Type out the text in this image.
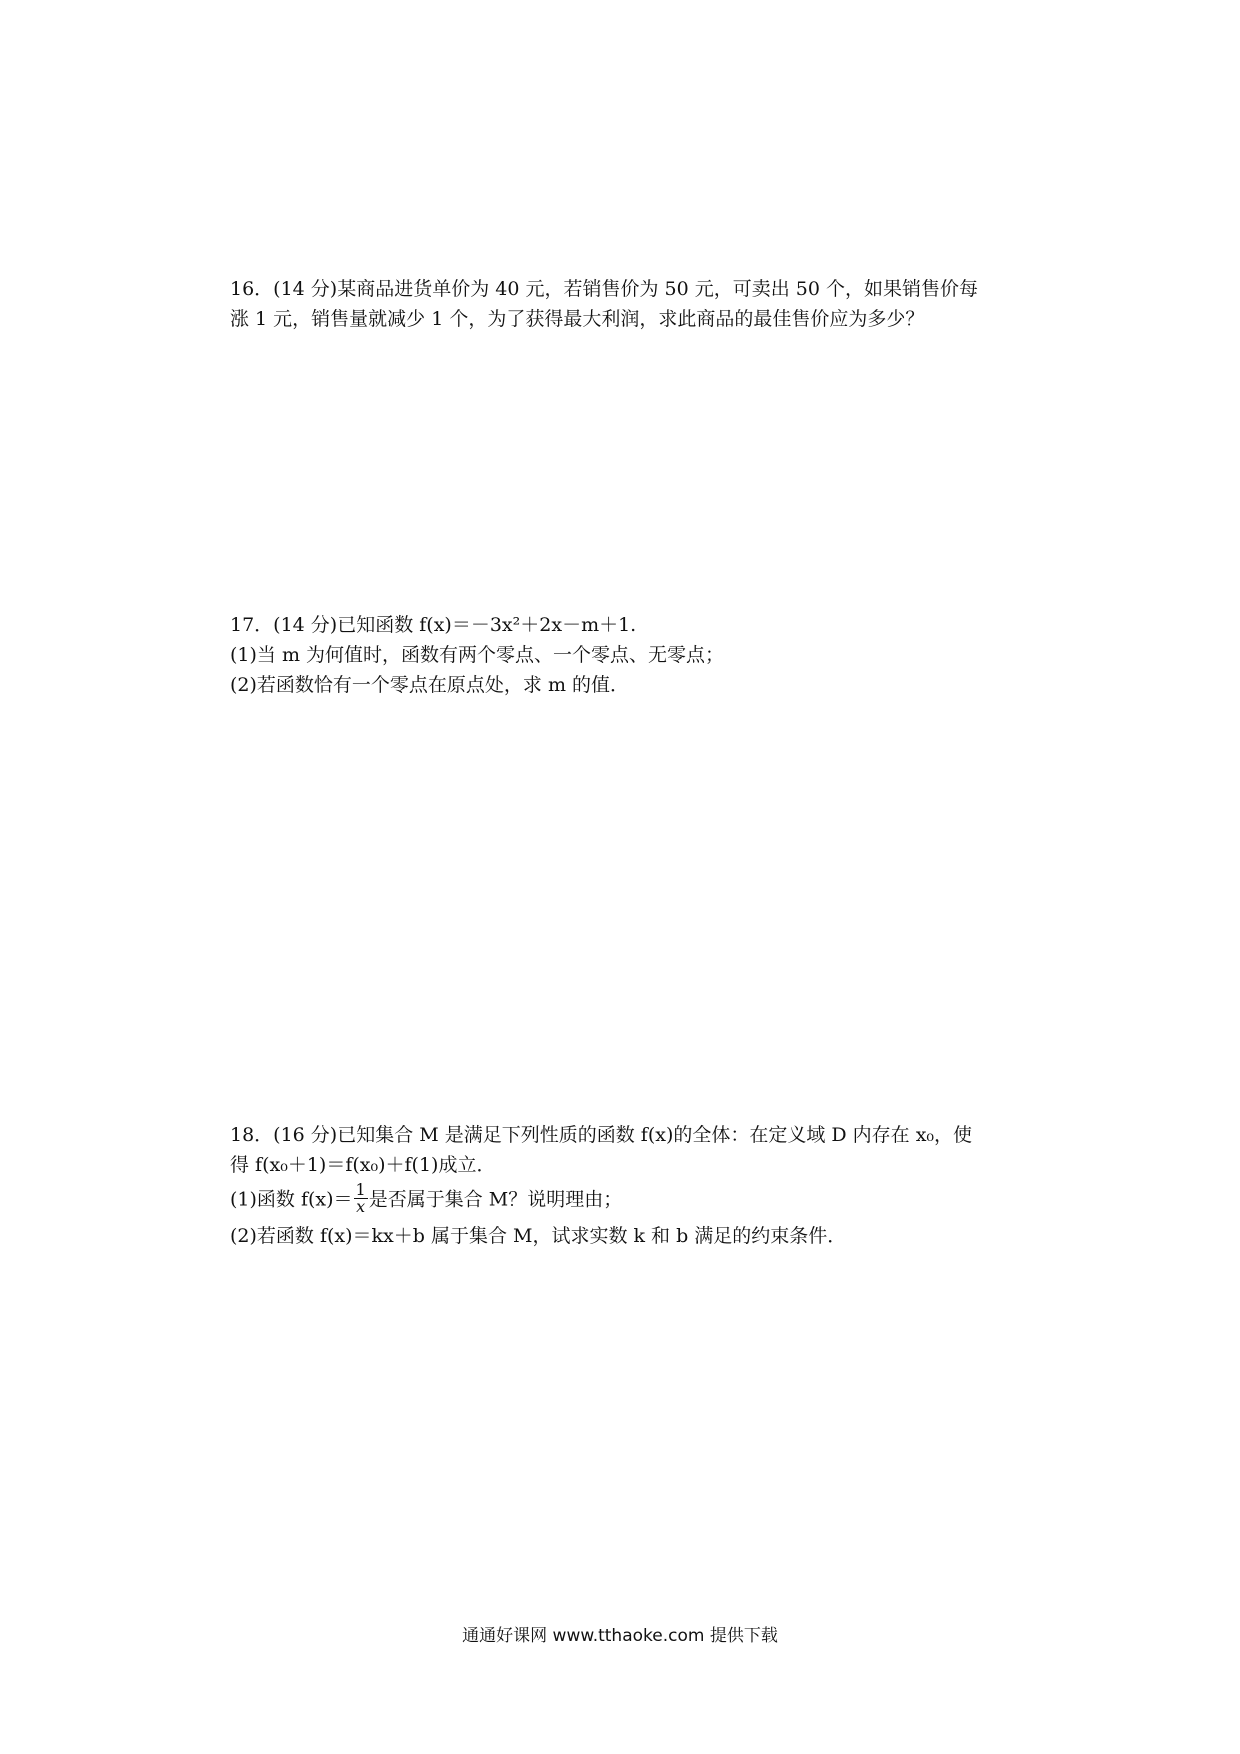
16．(14 分)某商品进货单价为 40 元，若销售价为 50 元，可卖出 50 个，如果销售价每
涨 1 元，销售量就减少 1 个，为了获得最大利润，求此商品的最佳售价应为多少？
17．(14 分)已知函数 f(x)＝－3x²＋2x－m＋1.
(1)当 m 为何值时，函数有两个零点、一个零点、无零点；
(2)若函数恰有一个零点在原点处，求 m 的值．
18．(16 分)已知集合 M 是满足下列性质的函数 f(x)的全体：在定义域 D 内存在 x₀，使
得 f(x₀＋1)＝f(x₀)＋f(1)成立．
(1)函数 $f(x)= \frac{1}{x}$ 是否属于集合 M？说明理由；
(2)若函数 f(x)＝kx＋b 属于集合 M，试求实数 k 和 b 满足的约束条件．
通通好课网 www.tthaoke.com 提供下载
